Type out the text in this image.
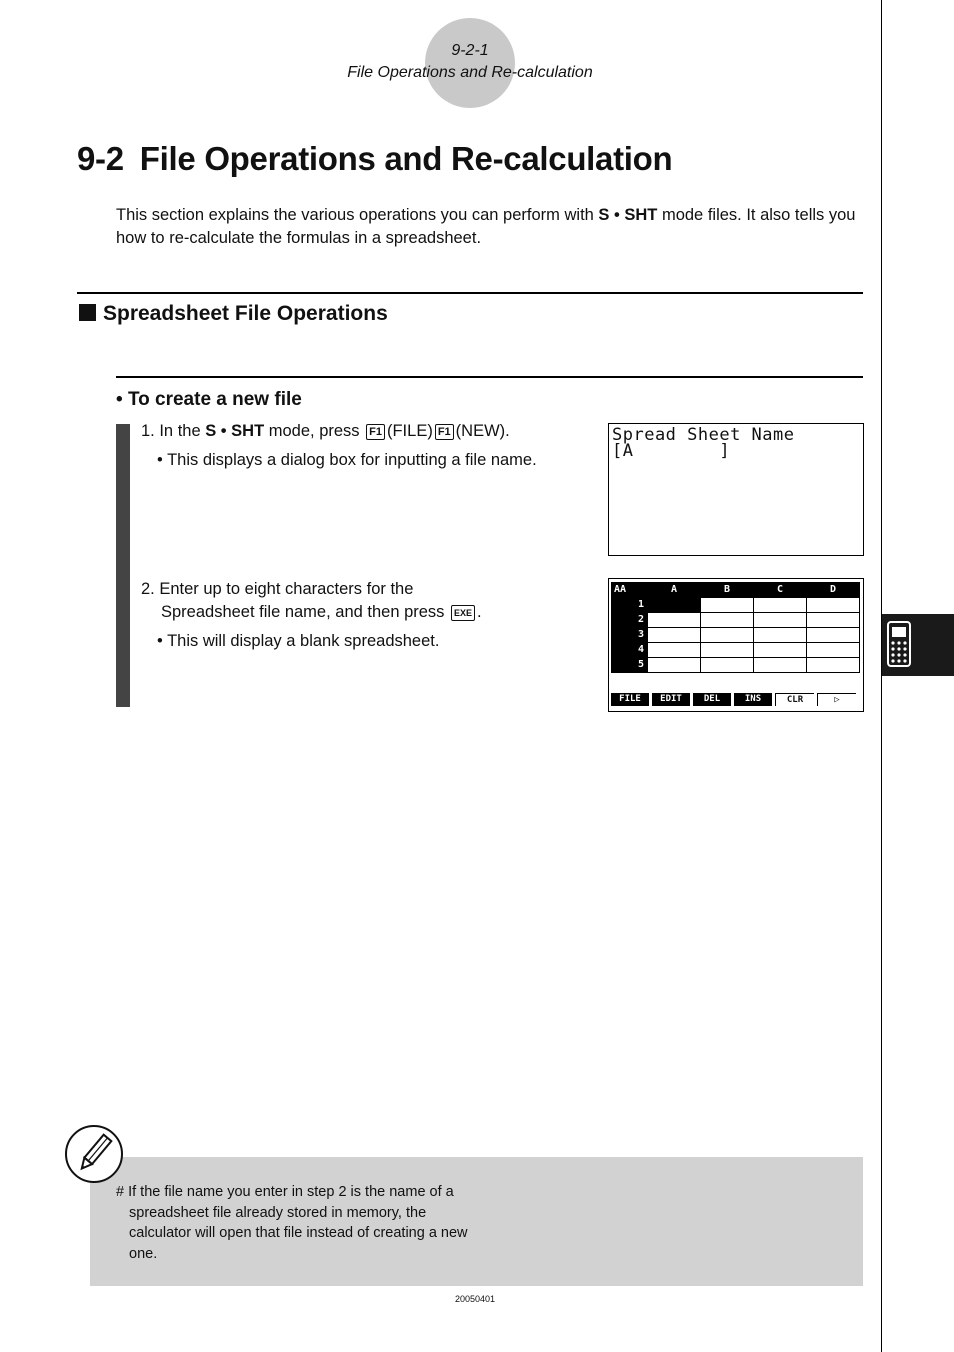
9-2-1
File Operations and Re-calculation
9-2 File Operations and Re-calculation
This section explains the various operations you can perform with S • SHT mode files. It also tells you how to re-calculate the formulas in a spreadsheet.
Spreadsheet File Operations
• To create a new file
1. In the S • SHT mode, press F1 (FILE) F1 (NEW).
• This displays a dialog box for inputting a file name.
2. Enter up to eight characters for the
Spreadsheet file name, and then press EXE .
• This will display a blank spreadsheet.
Spread Sheet Name
[A        ]
AA	A	B	C	D
1				
2				
3				
4				
5				
FILE	EDIT	DEL	INS	CLR	▷
# If the file name you enter in step 2 is the name of a spreadsheet file already stored in memory, the calculator will open that file instead of creating a new one.
20050401
